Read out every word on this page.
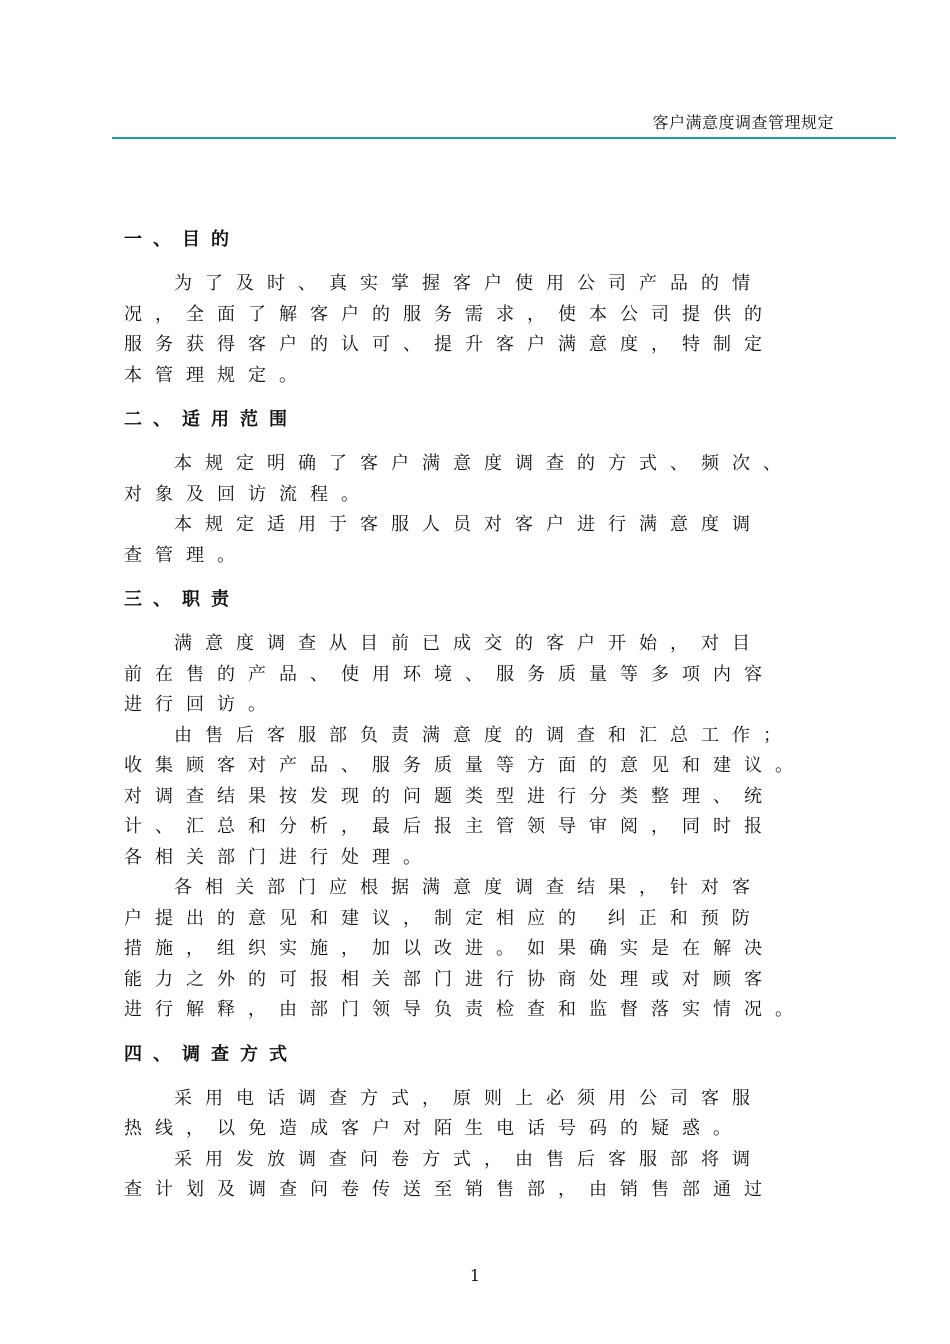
客户满意度调查管理规定
一、目的
为了及时、真实掌握客户使用公司产品的情
况，全面了解客户的服务需求，使本公司提供的
服务获得客户的认可、提升客户满意度，特制定
本管理规定。
二、适用范围
本规定明确了客户满意度调查的方式、频次、
对象及回访流程。
本规定适用于客服人员对客户进行满意度调
查管理。
三、职责
满意度调查从目前已成交的客户开始，对目
前在售的产品、使用环境、服务质量等多项内容
进行回访。
由售后客服部负责满意度的调查和汇总工作；
收集顾客对产品、服务质量等方面的意见和建议。
对调查结果按发现的问题类型进行分类整理、统
计、汇总和分析，最后报主管领导审阅，同时报
各相关部门进行处理。
各相关部门应根据满意度调查结果，针对客
户提出的意见和建议，制定相应的 纠正和预防
措施，组织实施，加以改进。如果确实是在解决
能力之外的可报相关部门进行协商处理或对顾客
进行解释，由部门领导负责检查和监督落实情况。
四、调查方式
采用电话调查方式，原则上必须用公司客服
热线，以免造成客户对陌生电话号码的疑惑。
采用发放调查问卷方式，由售后客服部将调
查计划及调查问卷传送至销售部，由销售部通过
1
